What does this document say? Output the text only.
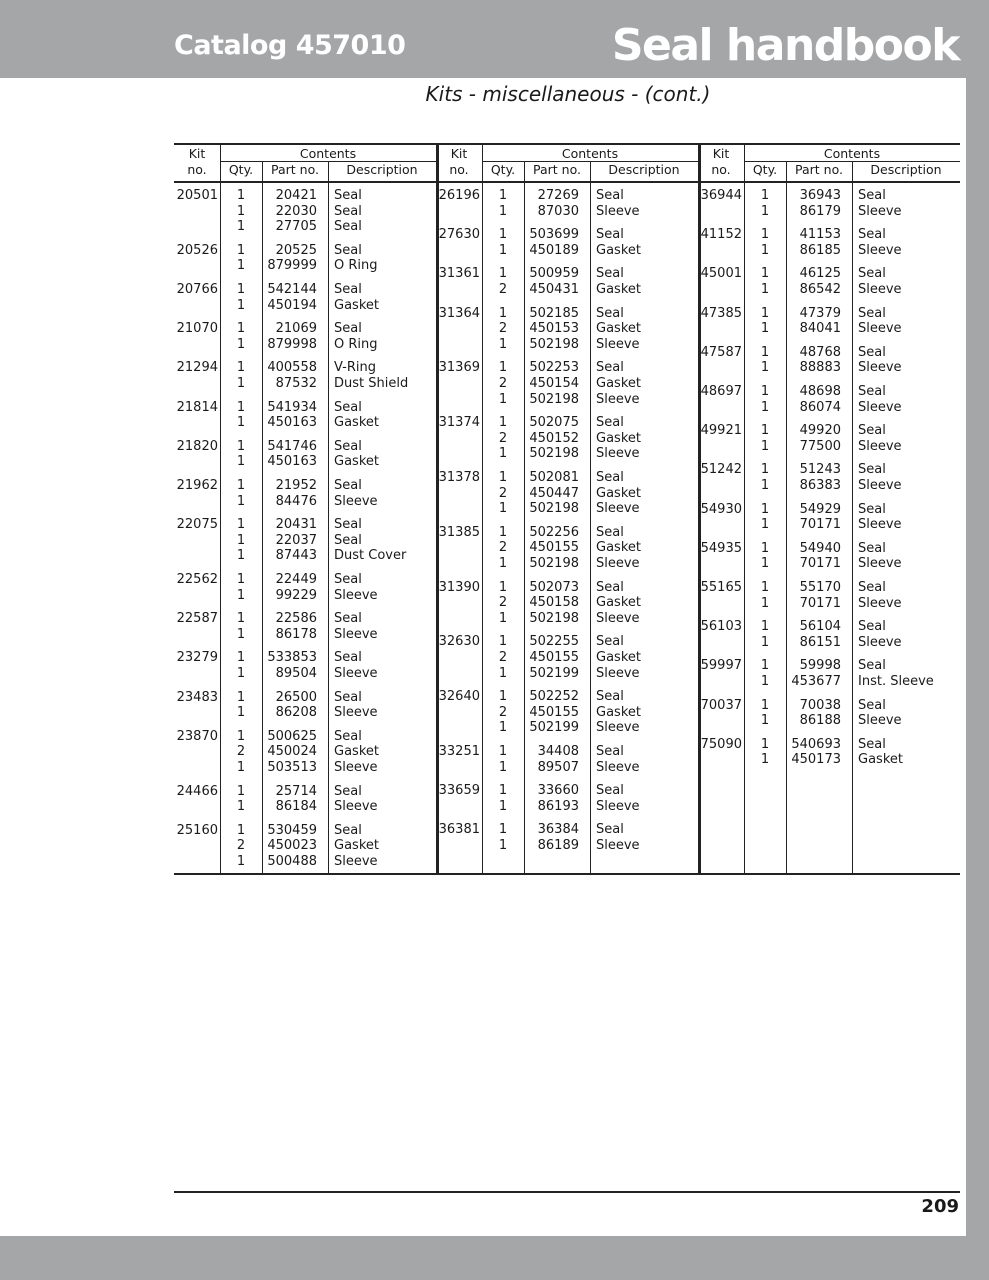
Catalog 457010	Seal handbook
Kits - miscellaneous - (cont.)
Kit
no.
Contents
Qty.	Part no.	Description
20501	1	20421 Seal
1	22030 Seal
1	27705 Seal
20526	1	20525 Seal
1	879999 O Ring
20766	1	542144 Seal
1	450194 Gasket
21070	1	21069 Seal
1	879998 O Ring
21294	1	400558 V-Ring
1	87532 Dust Shield
21814	1	541934 Seal
1	450163 Gasket
21820	1	541746 Seal
1	450163 Gasket
21962	1	21952 Seal
1	84476 Sleeve
22075	1	20431 Seal
1	22037 Seal
1	87443 Dust Cover
22562	1	22449 Seal
1	99229 Sleeve
22587	1	22586 Seal
1	86178 Sleeve
23279	1	533853 Seal
1	89504 Sleeve
23483	1	26500 Seal
1	86208 Sleeve
23870	1	500625 Seal
2	450024 Gasket
1	503513 Sleeve
24466	1	25714 Seal
1	86184 Sleeve
25160	1	530459 Seal
2	450023 Gasket
1	500488 Sleeve
Kit
no.
Contents
Qty.	Part no.	Description
26196	1	27269 Seal
1	87030 Sleeve
27630	1	503699 Seal
1	450189 Gasket
31361	1	500959 Seal
2	450431 Gasket
31364	1	502185 Seal
2	450153 Gasket
1	502198 Sleeve
31369	1	502253 Seal
2	450154 Gasket
1	502198 Sleeve
31374	1	502075 Seal
2	450152 Gasket
1	502198 Sleeve
31378	1	502081 Seal
2	450447 Gasket
1	502198 Sleeve
31385	1	502256 Seal
2	450155 Gasket
1	502198 Sleeve
31390	1	502073 Seal
2	450158 Gasket
1	502198 Sleeve
32630	1	502255 Seal
2	450155 Gasket
1	502199 Sleeve
32640	1	502252 Seal
2	450155 Gasket
1	502199 Sleeve
33251	1	34408 Seal
1	89507 Sleeve
33659	1	33660 Seal
1	86193 Sleeve
36381	1	36384 Seal
1	86189 Sleeve
Kit
no.
Contents
Qty.	Part no.	Description
36944	1	36943 Seal
1	86179 Sleeve
41152	1	41153 Seal
1	86185 Sleeve
45001	1	46125 Seal
1	86542 Sleeve
47385	1	47379 Seal
1	84041 Sleeve
47587	1	48768 Seal
1	88883 Sleeve
48697	1	48698 Seal
1	86074 Sleeve
49921	1	49920 Seal
1	77500 Sleeve
51242	1	51243 Seal
1	86383 Sleeve
54930	1	54929 Seal
1	70171 Sleeve
54935	1	54940 Seal
1	70171 Sleeve
55165	1	55170 Seal
1	70171 Sleeve
56103	1	56104 Seal
1	86151 Sleeve
59997	1	59998 Seal
1	453677 Inst. Sleeve
70037	1	70038 Seal
1	86188 Sleeve
75090	1	540693 Seal
1	450173 Gasket
209
